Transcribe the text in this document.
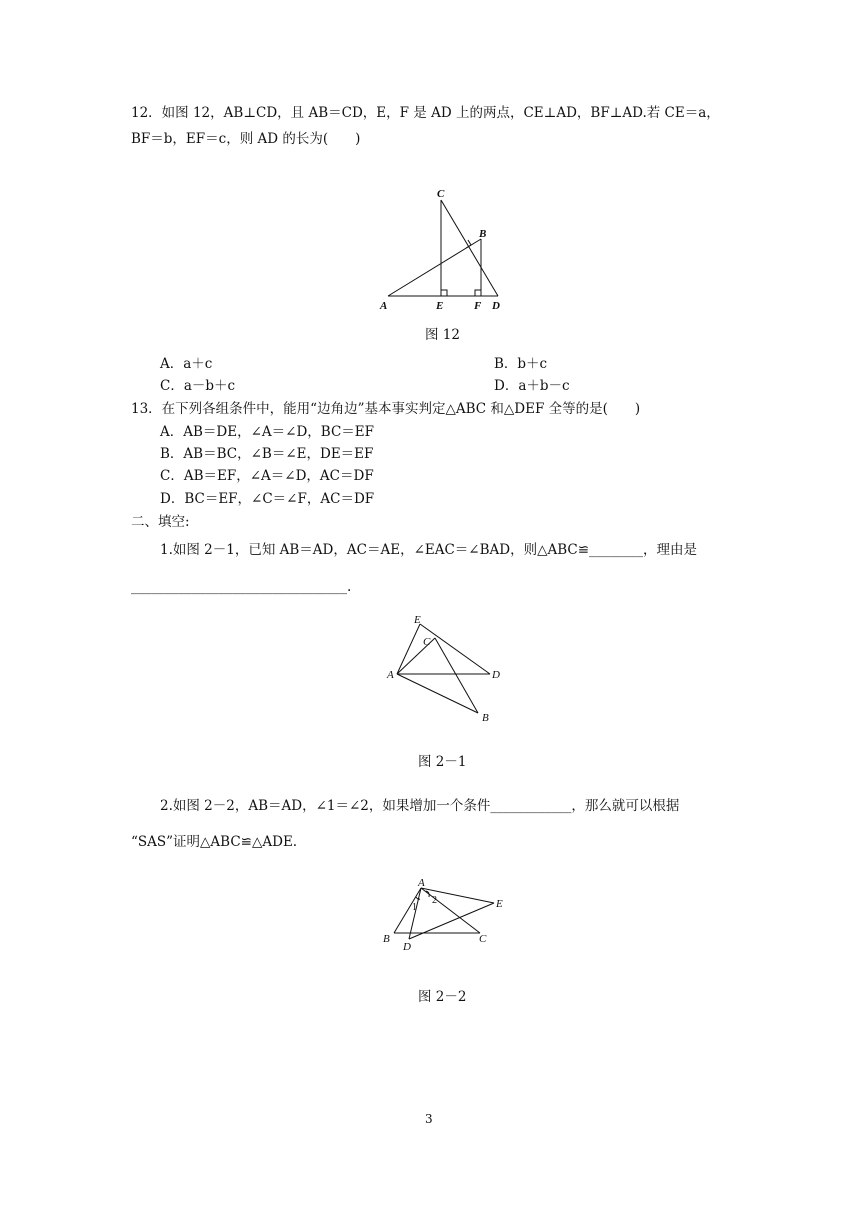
12．如图 12，AB⊥CD，且 AB＝CD，E，F 是 AD 上的两点，CE⊥AD，BF⊥AD.若 CE＝a，
BF＝b，EF＝c，则 AD 的长为(　　)
C
B
A	E	F D
图 12
A．a＋c	B．b＋c
C．a－b＋c	D．a＋b－c
13．在下列各组条件中，能用“边角边”基本事实判定△ABC 和△DEF 全等的是(　　)
A．AB＝DE，∠A＝∠D，BC＝EF
B．AB＝BC，∠B＝∠E，DE＝EF
C．AB＝EF，∠A＝∠D，AC＝DF
D．BC＝EF，∠C＝∠F，AC＝DF
二、填空:
1.如图 2－1，已知 AB＝AD，AC＝AE，∠EAC＝∠BAD，则△ABC≌________，理由是
________________________________.
E
C
A	D
B
图 2－1
2.如图 2－2，AB＝AD，∠1＝∠2，如果增加一个条件____________，那么就可以根据
“SAS”证明△ABC≌△ADE.
A
1
2	E
B	C
D
图 2－2
3
